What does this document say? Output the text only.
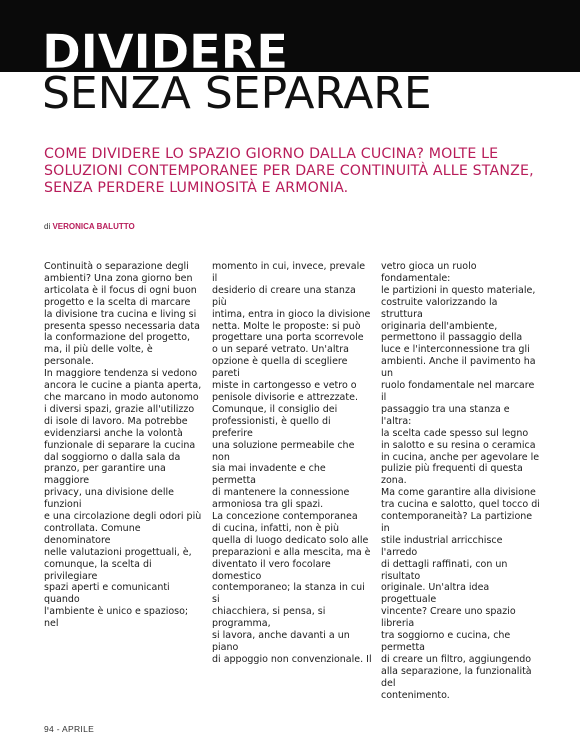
DIVIDERE
SENZA SEPARARE

COME DIVIDERE LO SPAZIO GIORNO DALLA CUCINA? MOLTE LE
SOLUZIONI CONTEMPORANEE PER DARE CONTINUITÀ ALLE STANZE,
SENZA PERDERE LUMINOSITÀ E ARMONIA.

di VERONICA BALUTTO

Continuità o separazione degli
ambienti? Una zona giorno ben
articolata è il focus di ogni buon
progetto e la scelta di marcare
la divisione tra cucina e living si
presenta spesso necessaria data
la conformazione del progetto,
ma, il più delle volte, è personale.
In maggiore tendenza si vedono
ancora le cucine a pianta aperta,
che marcano in modo autonomo
i diversi spazi, grazie all'utilizzo
di isole di lavoro. Ma potrebbe
evidenziarsi anche la volontà
funzionale di separare la cucina
dal soggiorno o dalla sala da
pranzo, per garantire una maggiore
privacy, una divisione delle funzioni
e una circolazione degli odori più
controllata. Comune denominatore
nelle valutazioni progettuali, è,
comunque, la scelta di privilegiare
spazi aperti e comunicanti quando
l'ambiente è unico e spazioso; nel

momento in cui, invece, prevale il
desiderio di creare una stanza più
intima, entra in gioco la divisione
netta. Molte le proposte: si può
progettare una porta scorrevole
o un separé vetrato. Un'altra
opzione è quella di scegliere pareti
miste in cartongesso e vetro o
penisole divisorie e attrezzate.
Comunque, il consiglio dei
professionisti, è quello di preferire
una soluzione permeabile che non
sia mai invadente e che permetta
di mantenere la connessione
armoniosa tra gli spazi.
La concezione contemporanea
di cucina, infatti, non è più
quella di luogo dedicato solo alle
preparazioni e alla mescita, ma è
diventato il vero focolare domestico
contemporaneo; la stanza in cui si
chiacchiera, si pensa, si programma,
si lavora, anche davanti a un piano
di appoggio non convenzionale. Il

vetro gioca un ruolo fondamentale:
le partizioni in questo materiale,
costruite valorizzando la struttura
originaria dell'ambiente,
permettono il passaggio della
luce e l'interconnessione tra gli
ambienti. Anche il pavimento ha un
ruolo fondamentale nel marcare il
passaggio tra una stanza e l'altra:
la scelta cade spesso sul legno
in salotto e su resina o ceramica
in cucina, anche per agevolare le
pulizie più frequenti di questa zona.
Ma come garantire alla divisione
tra cucina e salotto, quel tocco di
contemporaneità? La partizione in
stile industrial arricchisce l'arredo
di dettagli raffinati, con un risultato
originale. Un'altra idea progettuale
vincente? Creare uno spazio libreria
tra soggiorno e cucina, che permetta
di creare un filtro, aggiungendo
alla separazione, la funzionalità del
contenimento.

94 - APRILE
